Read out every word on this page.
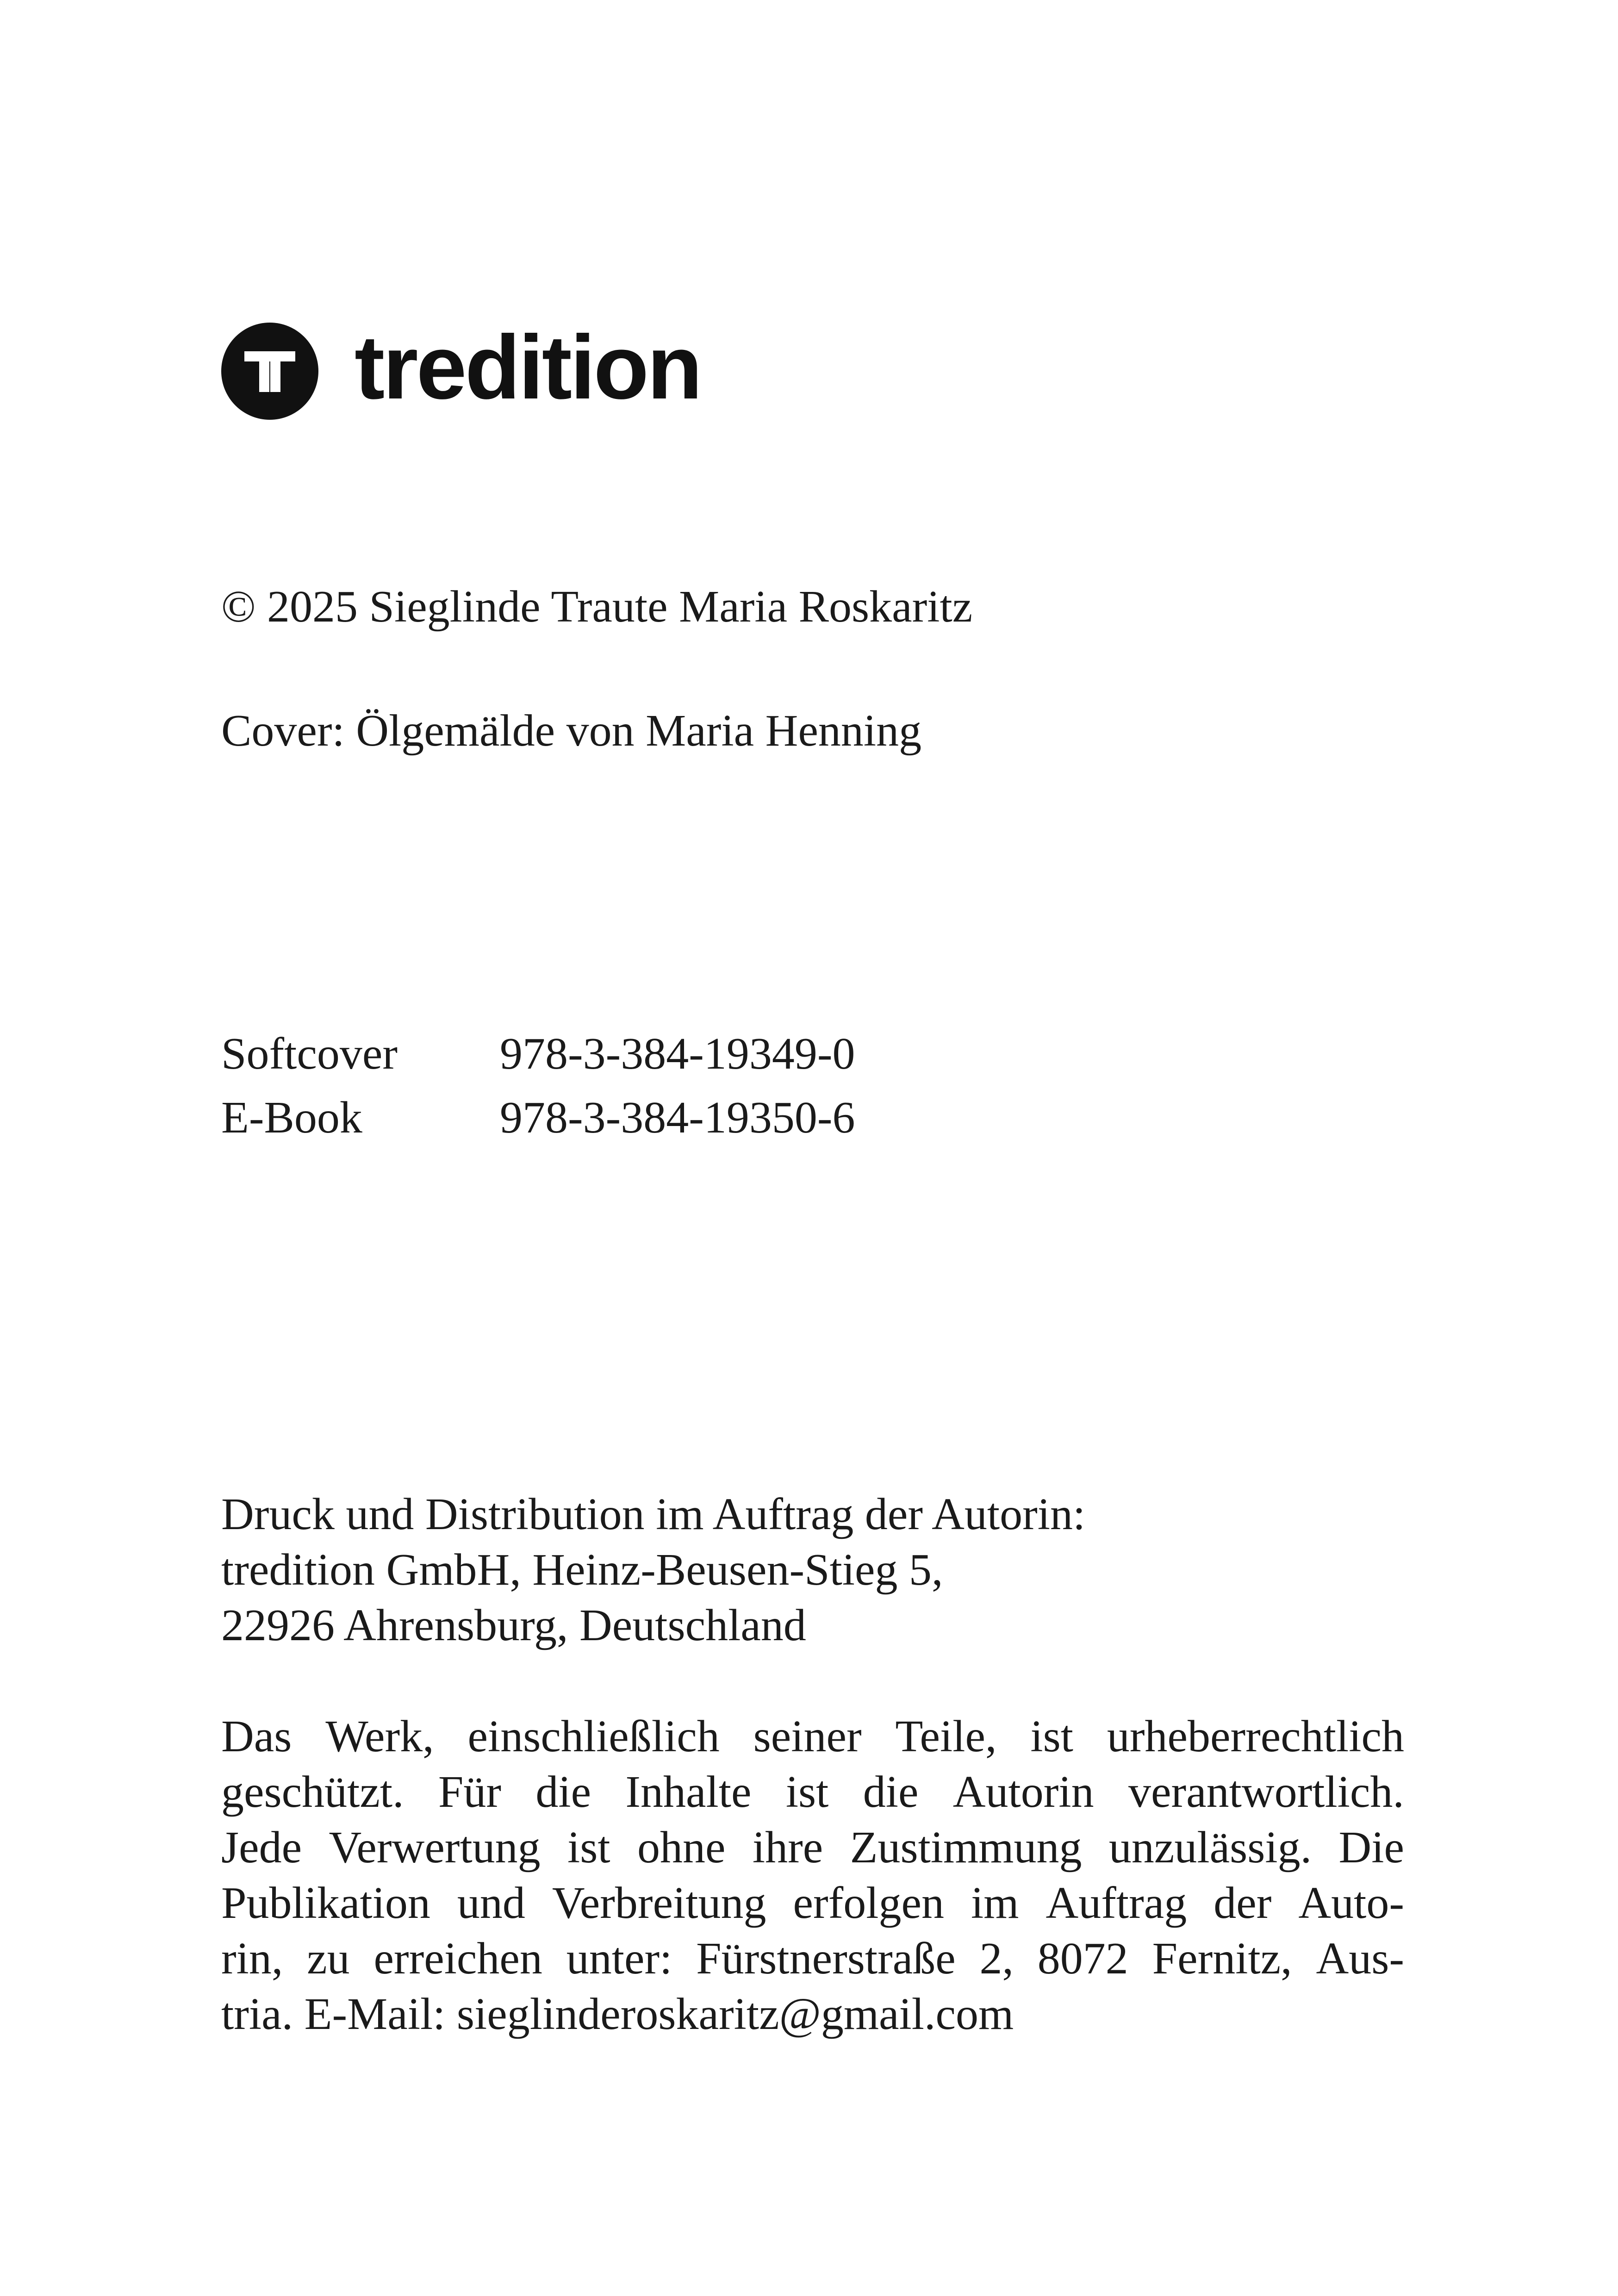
tredition
© 2025 Sieglinde Traute Maria Roskaritz
Cover: Ölgemälde von Maria Henning
Softcover 978-3-384-19349-0
E-Book	978-3-384-19350-6
Druck und Distribution im Auftrag der Autorin:
tredition GmbH, Heinz-Beusen-Stieg 5,
22926 Ahrensburg, Deutschland
Das Werk, einschließlich seiner Teile, ist urheberrechtlich
geschützt. Für die Inhalte ist die Autorin verantwortlich.
Jede Verwertung ist ohne ihre Zustimmung unzulässig. Die
Publikation und Verbreitung erfolgen im Auftrag der Auto-
rin, zu erreichen unter: Fürstnerstraße 2, 8072 Fernitz, Aus-
tria. E-Mail: sieglinderoskaritz@gmail.com
